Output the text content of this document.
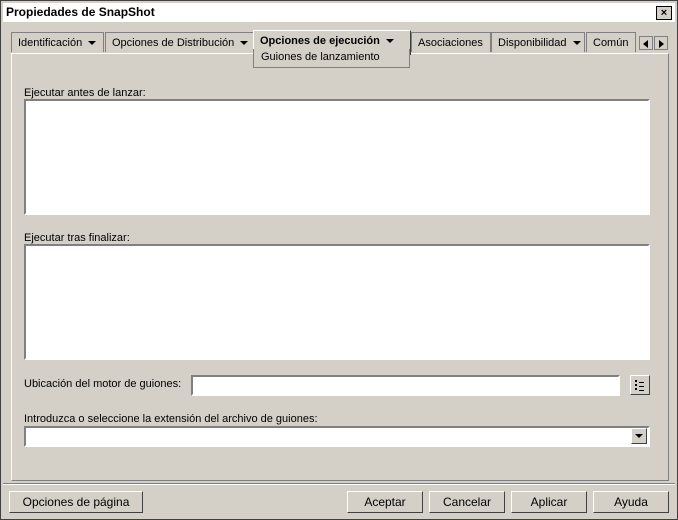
Propiedades de SnapShot	×
Identificación	Opciones de Distribución	Opciones de ejecución	Asociaciones	Disponibilidad	Común
Guiones de lanzamiento
Ejecutar antes de lanzar:
Ejecutar tras finalizar:
Ubicación del motor de guiones:
Introduzca o seleccione la extensión del archivo de guiones:
Opciones de página	Aceptar	Cancelar	Aplicar	Ayuda
